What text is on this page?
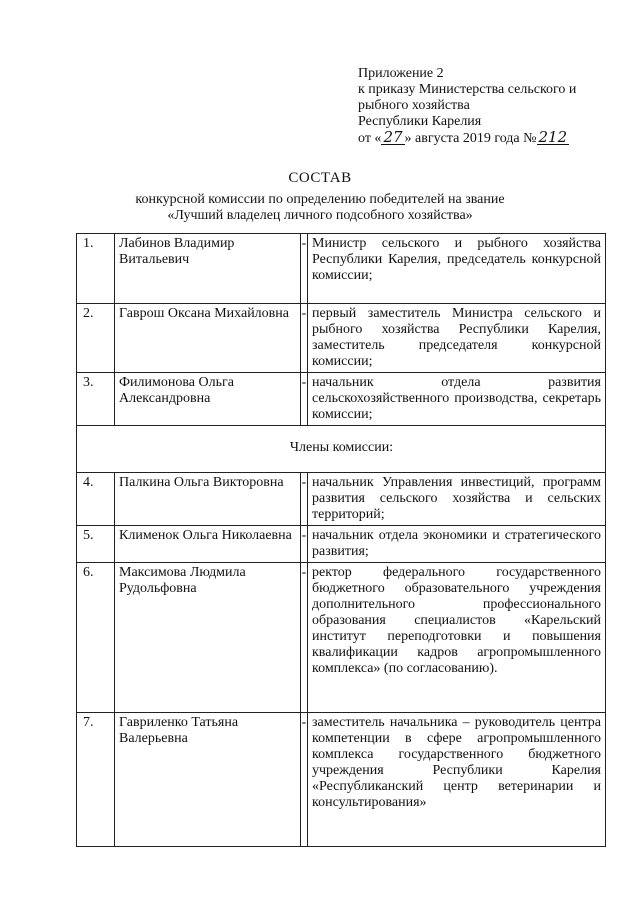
Приложение 2
к приказу Министерства сельского и
рыбного хозяйства
Республики Карелия
от « 27 » августа 2019 года № 212
СОСТАВ
конкурсной комиссии по определению победителей на звание
«Лучший владелец личного подсобного хозяйства»
1.	Лабинов Владимир Витальевич	-	Министр сельского и рыбного хозяйства Республики Карелия, председатель конкурсной комиссии;
2.	Гаврош Оксана Михайловна	-	первый заместитель Министра сельского и рыбного хозяйства Республики Карелия, заместитель председателя конкурсной комиссии;
3.	Филимонова Ольга Александровна	-	начальник отдела развития сельскохозяйственного производства, секретарь комиссии;
Члены комиссии:			
4.	Палкина Ольга Викторовна	-	начальник Управления инвестиций, программ развития сельского хозяйства и сельских территорий;
5.	Клименок Ольга Николаевна	-	начальник отдела экономики и стратегического развития;
6.	Максимова Людмила Рудольфовна	-	ректор федерального государственного бюджетного образовательного учреждения дополнительного профессионального образования специалистов «Карельский институт переподготовки и повышения квалификации кадров агропромышленного комплекса» (по согласованию).
7.	Гавриленко Татьяна Валерьевна	-	заместитель начальника – руководитель центра компетенции в сфере агропромышленного комплекса государственного бюджетного учреждения Республики Карелия «Республиканский центр ветеринарии и консультирования»
